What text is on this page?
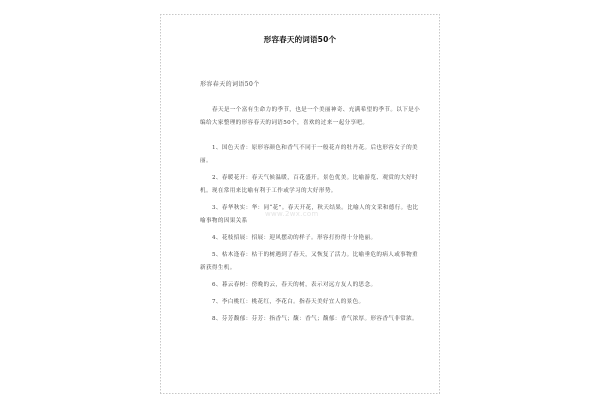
形容春天的词语50个
形容春天的词语50个

春天是一个富有生命力的季节，也是一个美丽神奇、充满希望的季节。以下是小编给大家整理的形容春天的词语50个，喜欢的过来一起分享吧。

1、国色天香：原形容颜色和香气不同于一般花卉的牡丹花。后也形容女子的美丽。

2、春暖花开：春天气候温暖，百花盛开。景色优美。比喻游览、观赏的大好时机。现在常用来比喻有利于工作或学习的大好形势。

3、春华秋实：华：同“花”。春天开花，秋天结果。比喻人的文采和德行。也比喻事物的因果关系

4、花枝招展：招展：迎风摆动的样子。形容打扮得十分艳丽。

5、枯木逢春：枯干的树遇到了春天，又恢复了活力。比喻垂危的病人或事物重新获得生机。

6、暮云春树：傍晚的云，春天的树，表示对远方友人的思念。

7、李白桃红：桃花红，李花白。指春天美好宜人的景色。

8、芬芳馥郁：芬芳：指香气；馥：香气；馥郁：香气浓厚。形容香气非常浓。

www.2wx.com
